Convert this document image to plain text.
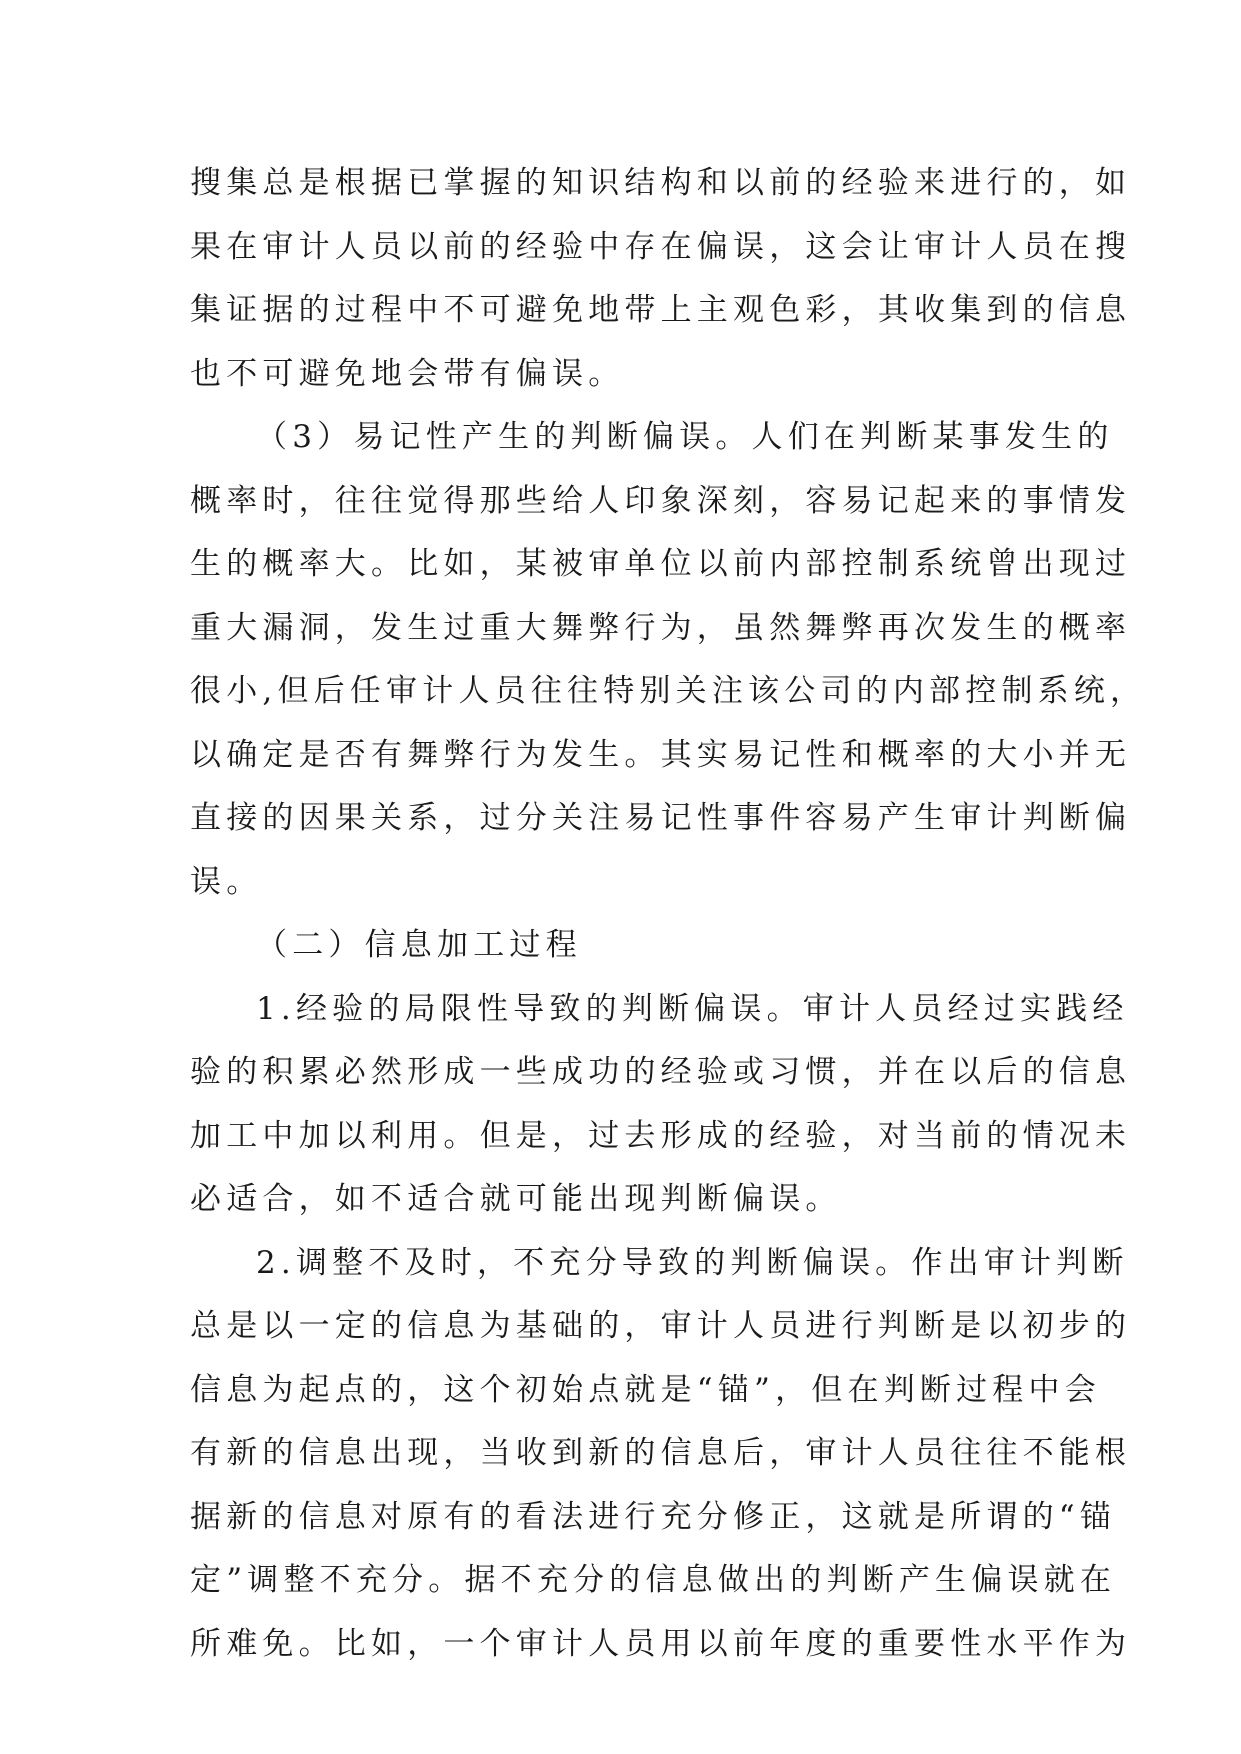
搜集总是根据已掌握的知识结构和以前的经验来进行的，如
果在审计人员以前的经验中存在偏误，这会让审计人员在搜
集证据的过程中不可避免地带上主观色彩，其收集到的信息
也不可避免地会带有偏误。
（3）易记性产生的判断偏误。人们在判断某事发生的
概率时，往往觉得那些给人印象深刻，容易记起来的事情发
生的概率大。比如，某被审单位以前内部控制系统曾出现过
重大漏洞，发生过重大舞弊行为，虽然舞弊再次发生的概率
很小,但后任审计人员往往特别关注该公司的内部控制系统，
以确定是否有舞弊行为发生。其实易记性和概率的大小并无
直接的因果关系，过分关注易记性事件容易产生审计判断偏
误。
（二）信息加工过程
1.经验的局限性导致的判断偏误。审计人员经过实践经
验的积累必然形成一些成功的经验或习惯，并在以后的信息
加工中加以利用。但是，过去形成的经验，对当前的情况未
必适合，如不适合就可能出现判断偏误。
2.调整不及时，不充分导致的判断偏误。作出审计判断
总是以一定的信息为基础的，审计人员进行判断是以初步的
信息为起点的，这个初始点就是“锚”，但在判断过程中会
有新的信息出现，当收到新的信息后，审计人员往往不能根
据新的信息对原有的看法进行充分修正，这就是所谓的“锚
定”调整不充分。据不充分的信息做出的判断产生偏误就在
所难免。比如，一个审计人员用以前年度的重要性水平作为
